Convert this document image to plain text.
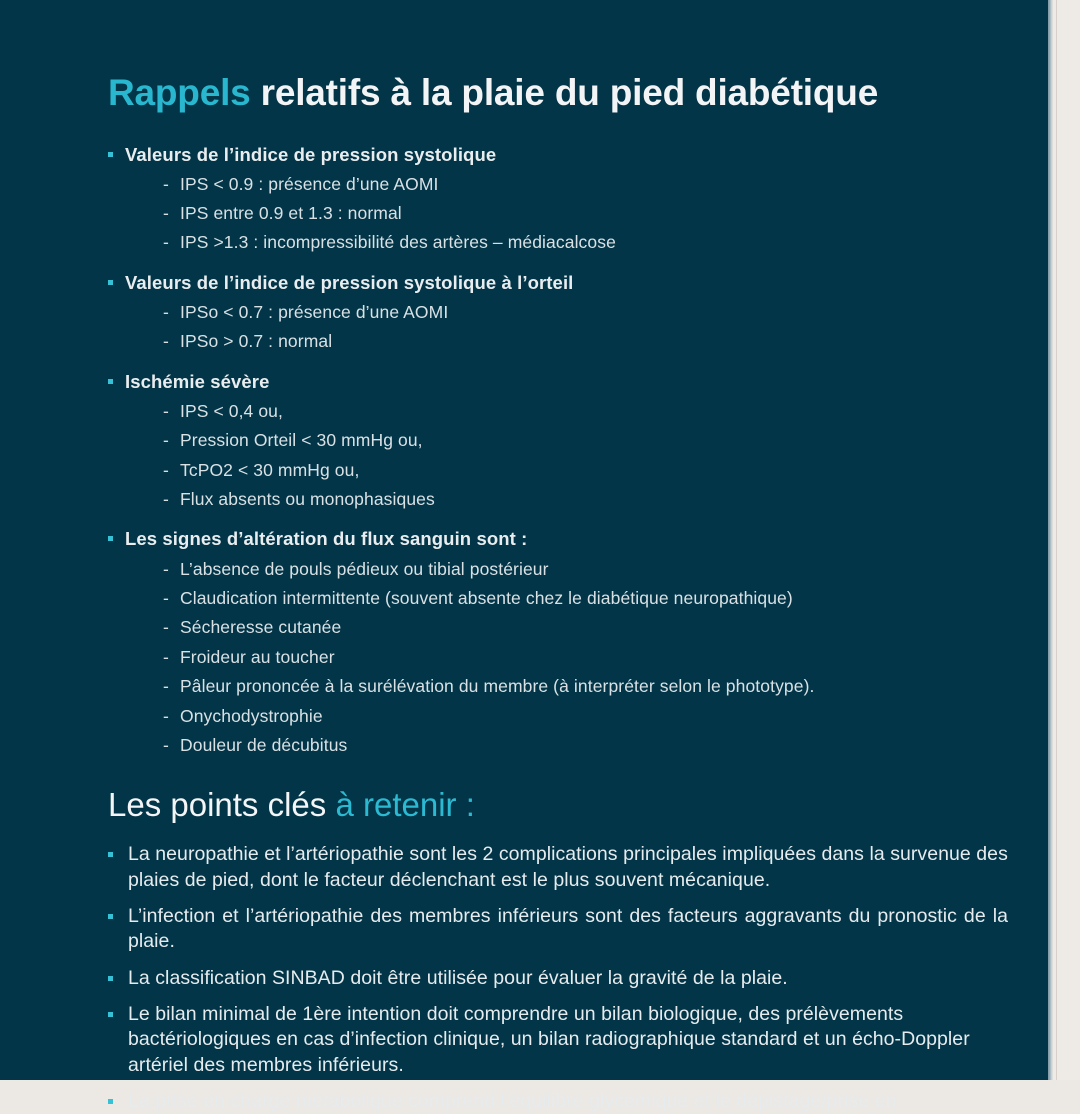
Rappels relatifs à la plaie du pied diabétique
Valeurs de l’indice de pression systolique
- IPS < 0.9 : présence d’une AOMI
- IPS entre 0.9 et 1.3 : normal
- IPS >1.3 : incompressibilité des artères – médiacalcose
Valeurs de l’indice de pression systolique à l’orteil
- IPSo < 0.7 : présence d’une AOMI
- IPSo > 0.7 : normal
Ischémie sévère
- IPS < 0,4 ou,
- Pression Orteil < 30 mmHg ou,
- TcPO2 < 30 mmHg ou,
- Flux absents ou monophasiques
Les signes d’altération du flux sanguin sont :
- L’absence de pouls pédieux ou tibial postérieur
- Claudication intermittente (souvent absente chez le diabétique neuropathique)
- Sécheresse cutanée
- Froideur au toucher
- Pâleur prononcée à la surélévation du membre (à interpréter selon le phototype).
- Onychodystrophie
- Douleur de décubitus
Les points clés à retenir :
La neuropathie et l’artériopathie sont les 2 complications principales impliquées dans la survenue des plaies de pied, dont le facteur déclenchant est le plus souvent mécanique.
L’infection et l’artériopathie des membres inférieurs sont des facteurs aggravants du pronostic de la plaie.
La classification SINBAD doit être utilisée pour évaluer la gravité de la plaie.
Le bilan minimal de 1ère intention doit comprendre un bilan biologique, des prélèvements bactériologiques en cas d’infection clinique, un bilan radiographique standard et un écho-Doppler artériel des membres inférieurs.
La prise en charge métabolique comprend l’équilibre glycémique et le dépistage/prise en
